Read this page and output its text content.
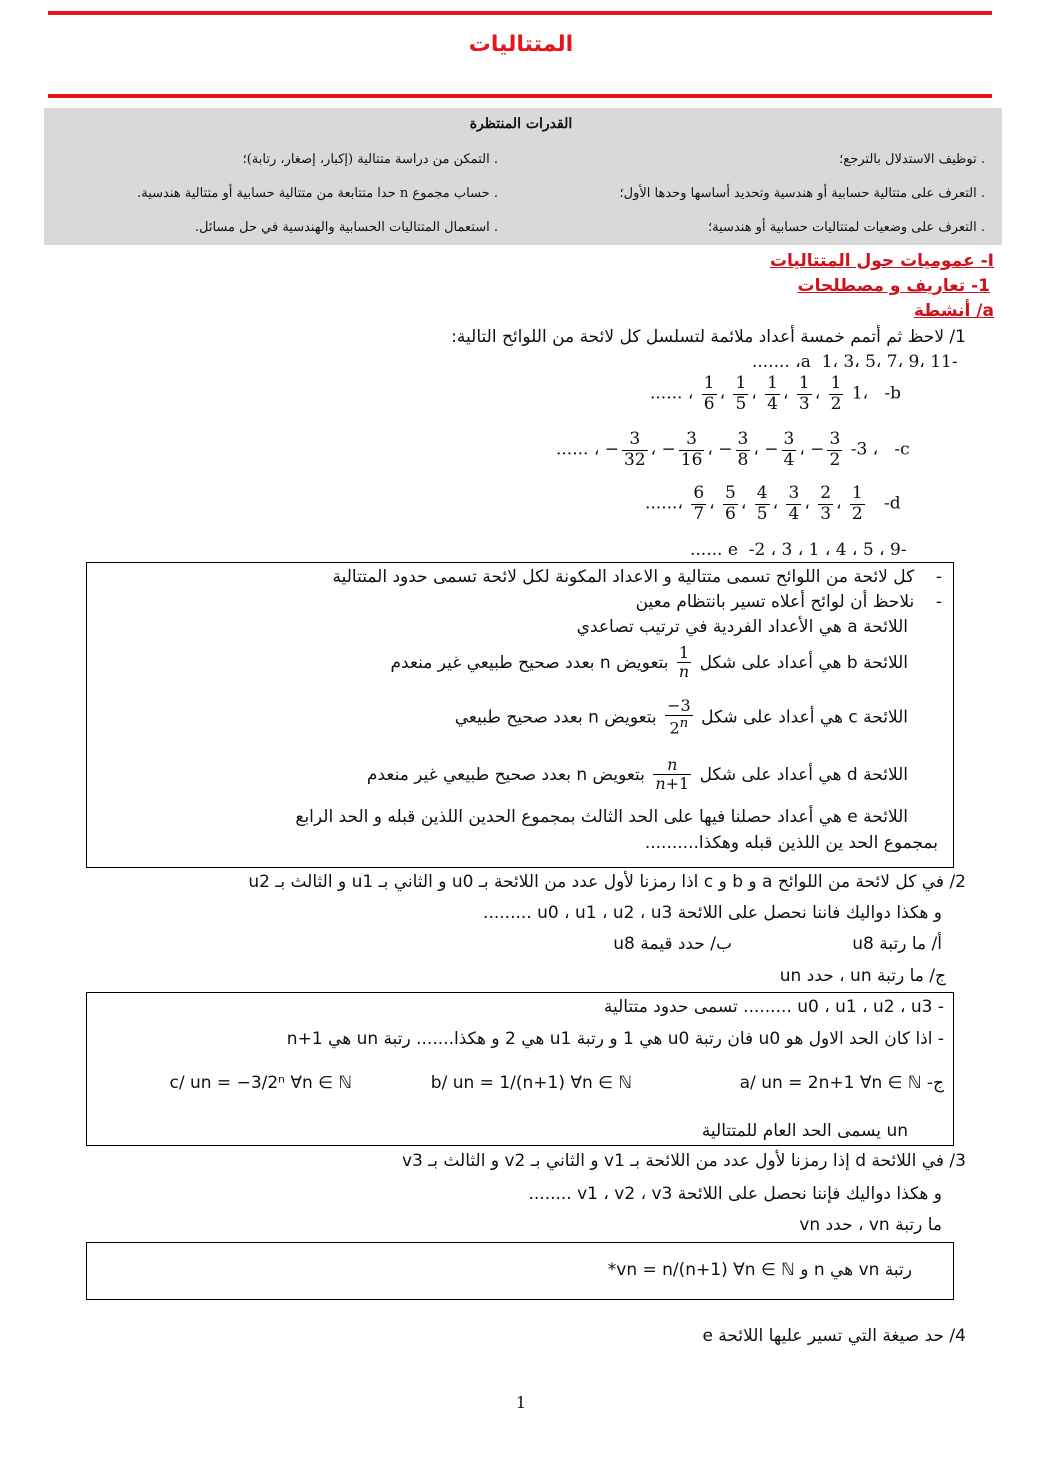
المتتاليات
القدرات المنتظرة
. التمكن من دراسة متتالية (إكبار، إصغار، رتابة)؛
. حساب مجموع n حدا متتابعة من متتالية حسابية أو متتالية هندسية.
. استعمال المتتاليات الحسابية والهندسية في حل مسائل.
. توظيف الاستدلال بالترجع؛
. التعرف على متتالية حسابية أو هندسية وتحديد أساسها وحدها الأول؛
. التعرف على وضعيات لمتتاليات حسابية أو هندسية؛
I- عموميات حول المتتاليات
1- تعاريف و مصطلحات
a/ أنشطة
1/ لاحظ ثم أتمم خمسة أعداد ملائمة لتسلسل كل لائحة من اللوائح التالية:
-a  1، 3، 5، 7، 9، 11، .......
...... ، $\frac{1}{6}$ ، $\frac{1}{5}$ ، $\frac{1}{4}$ ، $\frac{1}{3}$ ، $\frac{1}{2}$ 1، -b
...... ، − $\frac{3}{32}$ ، − $\frac{3}{16}$ ، − $\frac{3}{8}$ ، − $\frac{3}{4}$ ، − $\frac{3}{2} -3$ ، -c
......، $\frac{6}{7}$ ، $\frac{5}{6}$ ، $\frac{4}{5}$ ، $\frac{3}{4}$ ، $\frac{2}{3}$ ، $\frac{1}{2} -d$
-e  -2 ، 3 ، 1 ، 4 ، 5 ، 9 ......
-    كل لائحة من اللوائح تسمى متتالية و الاعداد المكونة لكل لائحة تسمى حدود المتتالية
-    نلاحظ أن لوائح أعلاه تسير بانتظام معين
اللائحة a هي الأعداد الفردية في ترتيب تصاعدي
اللائحة b هي أعداد على شكل
$\frac{1}{n}$
بتعويض n بعدد صحيح طبيعي غير منعدم
اللائحة c هي أعداد على شكل
$\frac{-3}{2^n}$
بتعويض n بعدد صحيح طبيعي
اللائحة d هي أعداد على شكل
$\frac{n}{n+1}$
بتعويض n بعدد صحيح طبيعي غير منعدم
اللائحة e هي أعداد حصلنا فيها على الحد الثالث بمجموع الحدين اللذين قبله و الحد الرابع
بمجموع الحد ين اللذين قبله وهكذا..........
2/ في كل لائحة من اللوائح a و b و c اذا رمزنا لأول عدد من اللائحة بـ u0 و الثاني بـ u1 و الثالث بـ u2
و هكذا دواليك فاننا نحصل على اللائحة u0 ، u1 ، u2 ، u3 .........
أ/ ما رتبة u8
ب/ حدد قيمة u8
ج/ ما رتبة un ، حدد un
- u0 ، u1 ، u2 ، u3 ......... تسمى حدود متتالية
- اذا كان الحد الاول هو u0 فان رتبة u0 هي 1 و رتبة u1 هي 2 و هكذا....... رتبة un هي n+1
ج- a/ un = 2n+1 ∀n ∈ ℕ
b/ un = 1/(n+1) ∀n ∈ ℕ
c/ un = −3/2ⁿ ∀n ∈ ℕ
un يسمى الحد العام للمتتالية
3/ في اللائحة d إذا رمزنا لأول عدد من اللائحة بـ v1 و الثاني بـ v2 و الثالث بـ v3
و هكذا دواليك فإننا نحصل على اللائحة v1 ، v2 ، v3 ........
ما رتبة vn ، حدد vn
رتبة vn هي n و vn = n/(n+1) ∀n ∈ ℕ*
4/ حد صيغة التي تسير عليها اللائحة e
1
